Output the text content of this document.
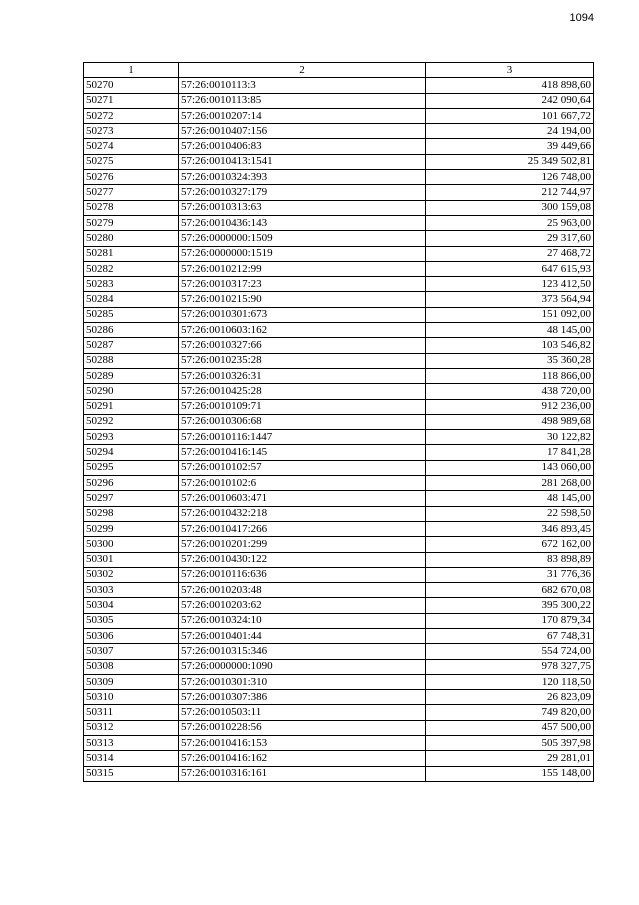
1094
1	2	3
50270	57:26:0010113:3	418 898,60
50271	57:26:0010113:85	242 090,64
50272	57:26:0010207:14	101 667,72
50273	57:26:0010407:156	24 194,00
50274	57:26:0010406:83	39 449,66
50275	57:26:0010413:1541	25 349 502,81
50276	57:26:0010324:393	126 748,00
50277	57:26:0010327:179	212 744,97
50278	57:26:0010313:63	300 159,08
50279	57:26:0010436:143	25 963,00
50280	57:26:0000000:1509	29 317,60
50281	57:26:0000000:1519	27 468,72
50282	57:26:0010212:99	647 615,93
50283	57:26:0010317:23	123 412,50
50284	57:26:0010215:90	373 564,94
50285	57:26:0010301:673	151 092,00
50286	57:26:0010603:162	48 145,00
50287	57:26:0010327:66	103 546,82
50288	57:26:0010235:28	35 360,28
50289	57:26:0010326:31	118 866,00
50290	57:26:0010425:28	438 720,00
50291	57:26:0010109:71	912 236,00
50292	57:26:0010306:68	498 989,68
50293	57:26:0010116:1447	30 122,82
50294	57:26:0010416:145	17 841,28
50295	57:26:0010102:57	143 060,00
50296	57:26:0010102:6	281 268,00
50297	57:26:0010603:471	48 145,00
50298	57:26:0010432:218	22 598,50
50299	57:26:0010417:266	346 893,45
50300	57:26:0010201:299	672 162,00
50301	57:26:0010430:122	83 898,89
50302	57:26:0010116:636	31 776,36
50303	57:26:0010203:48	682 670,08
50304	57:26:0010203:62	395 300,22
50305	57:26:0010324:10	170 879,34
50306	57:26:0010401:44	67 748,31
50307	57:26:0010315:346	554 724,00
50308	57:26:0000000:1090	978 327,75
50309	57:26:0010301:310	120 118,50
50310	57:26:0010307:386	26 823,09
50311	57:26:0010503:11	749 820,00
50312	57:26:0010228:56	457 500,00
50313	57:26:0010416:153	505 397,98
50314	57:26:0010416:162	29 281,01
50315	57:26:0010316:161	155 148,00
